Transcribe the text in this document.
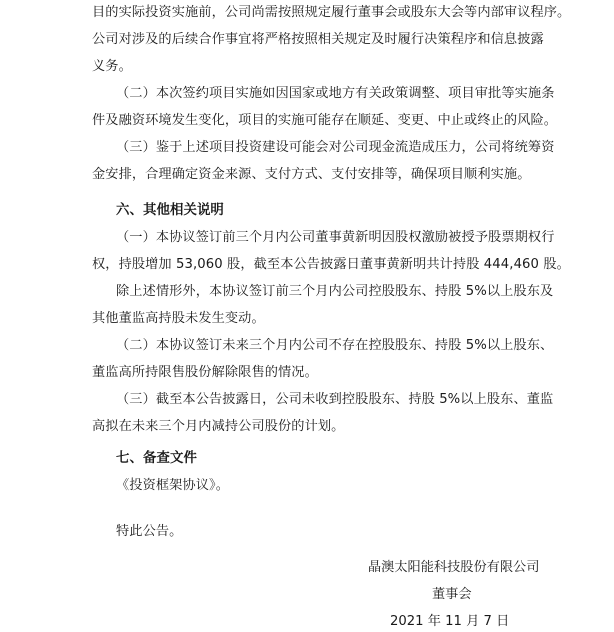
目的实际投资实施前，公司尚需按照规定履行董事会或股东大会等内部审议程序。
公司对涉及的后续合作事宜将严格按照相关规定及时履行决策程序和信息披露
义务。
（二）本次签约项目实施如因国家或地方有关政策调整、项目审批等实施条
件及融资环境发生变化，项目的实施可能存在顺延、变更、中止或终止的风险。
（三）鉴于上述项目投资建设可能会对公司现金流造成压力，公司将统筹资
金安排，合理确定资金来源、支付方式、支付安排等，确保项目顺利实施。
六、其他相关说明
（一）本协议签订前三个月内公司董事黄新明因股权激励被授予股票期权行
权，持股增加 53,060 股，截至本公告披露日董事黄新明共计持股 444,460 股。
除上述情形外，本协议签订前三个月内公司控股股东、持股 5%以上股东及
其他董监高持股未发生变动。
（二）本协议签订未来三个月内公司不存在控股股东、持股 5%以上股东、
董监高所持限售股份解除限售的情况。
（三）截至本公告披露日，公司未收到控股股东、持股 5%以上股东、董监
高拟在未来三个月内减持公司股份的计划。
七、备查文件
《投资框架协议》。
特此公告。
晶澳太阳能科技股份有限公司
董事会
2021 年 11 月 7 日
